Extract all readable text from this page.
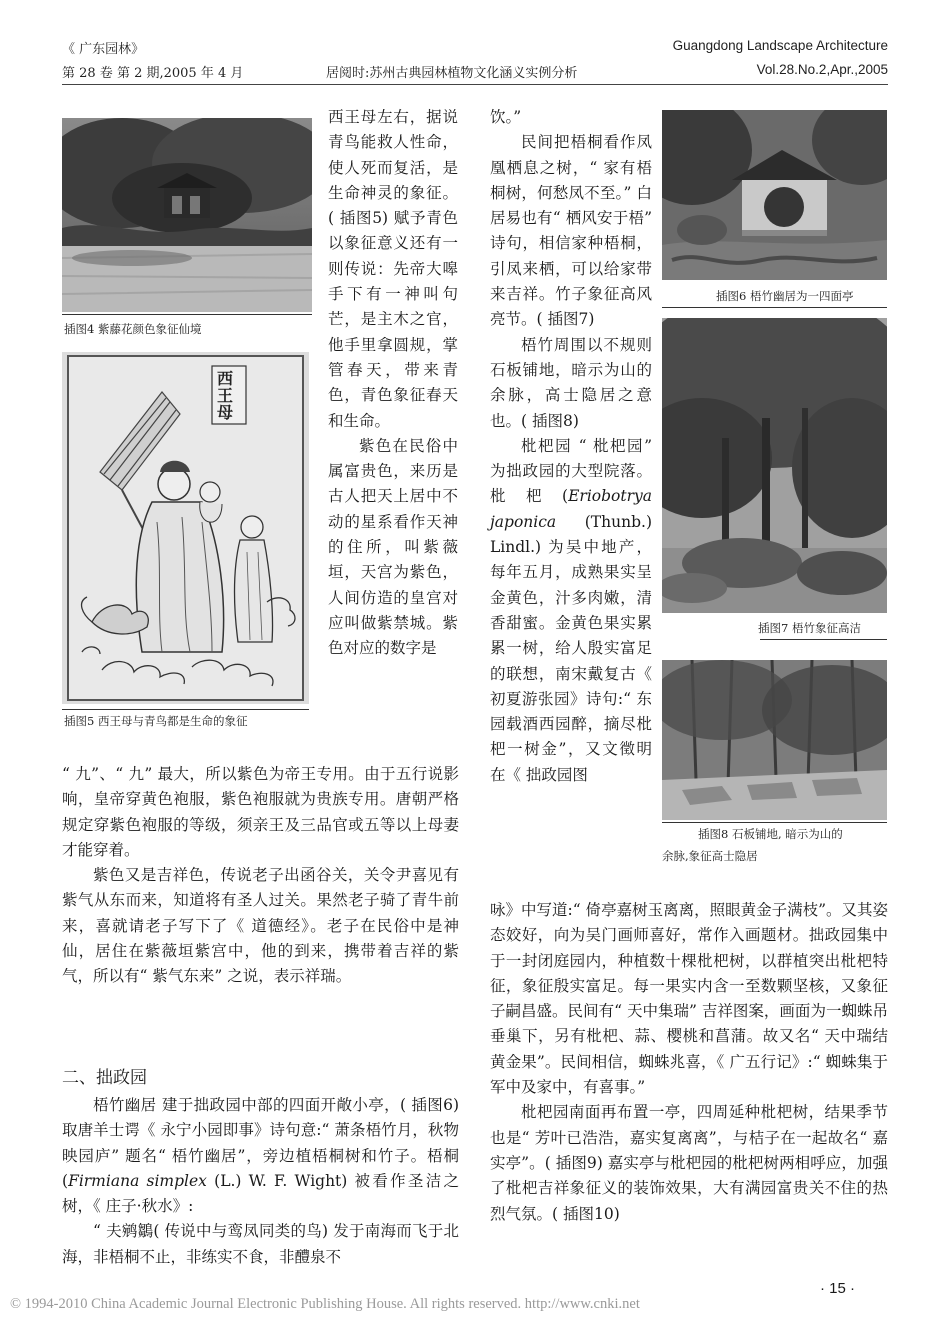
《 广东园林》	Guangdong Landscape Architecture
第 28 卷 第 2 期,2005 年 4 月	居阅时:苏州古典园林植物文化涵义实例分析	Vol.28.No.2,Apr.,2005
插图4 紫藤花颜色象征仙境
西王母
插图5 西王母与青鸟都是生命的象征

西王母左右，据说青鸟能救人性命，使人死而复活，是生命神灵的象征。( 插图5) 赋予青色以象征意义还有一则传说：先帝大嗥手下有一神叫句芒，是主木之官，他手里拿圆规，掌管春天，带来青色，青色象征春天和生命。

紫色在民俗中属富贵色，来历是古人把天上居中不动的星系看作天神的住所，叫紫薇垣，天宫为紫色，人间仿造的皇宫对应叫做紫禁城。紫色对应的数字是

饮。”

民间把梧桐看作凤凰栖息之树，“ 家有梧桐树，何愁凤不至。” 白居易也有“ 栖风安于梧” 诗句，相信家种梧桐，引凤来栖，可以给家带来吉祥。竹子象征高风亮节。( 插图7)

梧竹周围以不规则石板铺地，暗示为山的余脉，高士隐居之意也。( 插图8)

枇杷园 “ 枇杷园” 为拙政园的大型院落。枇杷(Eriobotrya japonica (Thunb.) Lindl.) 为吴中地产，每年五月，成熟果实呈金黄色，汁多肉嫩，清香甜蜜。金黄色果实累累一树，给人殷实富足的联想，南宋戴复古《 初夏游张园》诗句:“ 东园载酒西园醉，摘尽枇杷一树金”，又文徵明在《 拙政园图

插图6 梧竹幽居为一四面亭
插图7 梧竹象征高洁
插图8 石板铺地, 暗示为山的
余脉,象征高士隐居

“ 九”、“ 九” 最大，所以紫色为帝王专用。由于五行说影响，皇帝穿黄色袍服，紫色袍服就为贵族专用。唐朝严格规定穿紫色袍服的等级，须亲王及三品官或五等以上母妻才能穿着。

紫色又是吉祥色，传说老子出函谷关，关令尹喜见有紫气从东而来，知道将有圣人过关。果然老子骑了青牛前来，喜就请老子写下了《 道德经》。老子在民俗中是神仙，居住在紫薇垣紫宫中，他的到来，携带着吉祥的紫气，所以有“ 紫气东来” 之说，表示祥瑞。

二、拙政园

梧竹幽居 建于拙政园中部的四面开敞小亭，( 插图6) 取唐羊士谔《 永宁小园即事》诗句意:“ 萧条梧竹月，秋物映园庐” 题名“ 梧竹幽居”，旁边植梧桐树和竹子。梧桐(Firmiana simplex (L.) W. F. Wight) 被看作圣洁之树，《 庄子·秋水》:

“ 夫鹓鶵( 传说中与鸾凤同类的鸟) 发于南海而飞于北海，非梧桐不止，非练实不食，非醴泉不

咏》中写道:“ 倚亭嘉树玉离离，照眼黄金子满枝”。又其姿态姣好，向为吴门画师喜好，常作入画题材。拙政园集中于一封闭庭园内，种植数十棵枇杷树，以群植突出枇杷特征，象征殷实富足。每一果实内含一至数颗坚核，又象征子嗣昌盛。民间有“ 天中集瑞” 吉祥图案，画面为一蜘蛛吊垂巢下，另有枇杷、蒜、樱桃和菖蒲。故又名“ 天中瑞结黄金果”。民间相信，蜘蛛兆喜，《 广五行记》:“ 蜘蛛集于军中及家中，有喜事。”

枇杷园南面再布置一亭，四周延种枇杷树，结果季节也是“ 芳叶已浩浩，嘉实复离离”，与桔子在一起故名“ 嘉实亭”。( 插图9) 嘉实亭与枇杷园的枇杷树两相呼应，加强了枇杷吉祥象征义的装饰效果，大有满园富贵关不住的热烈气氛。( 插图10)

· 15 ·
© 1994-2010 China Academic Journal Electronic Publishing House. All rights reserved. http://www.cnki.net
